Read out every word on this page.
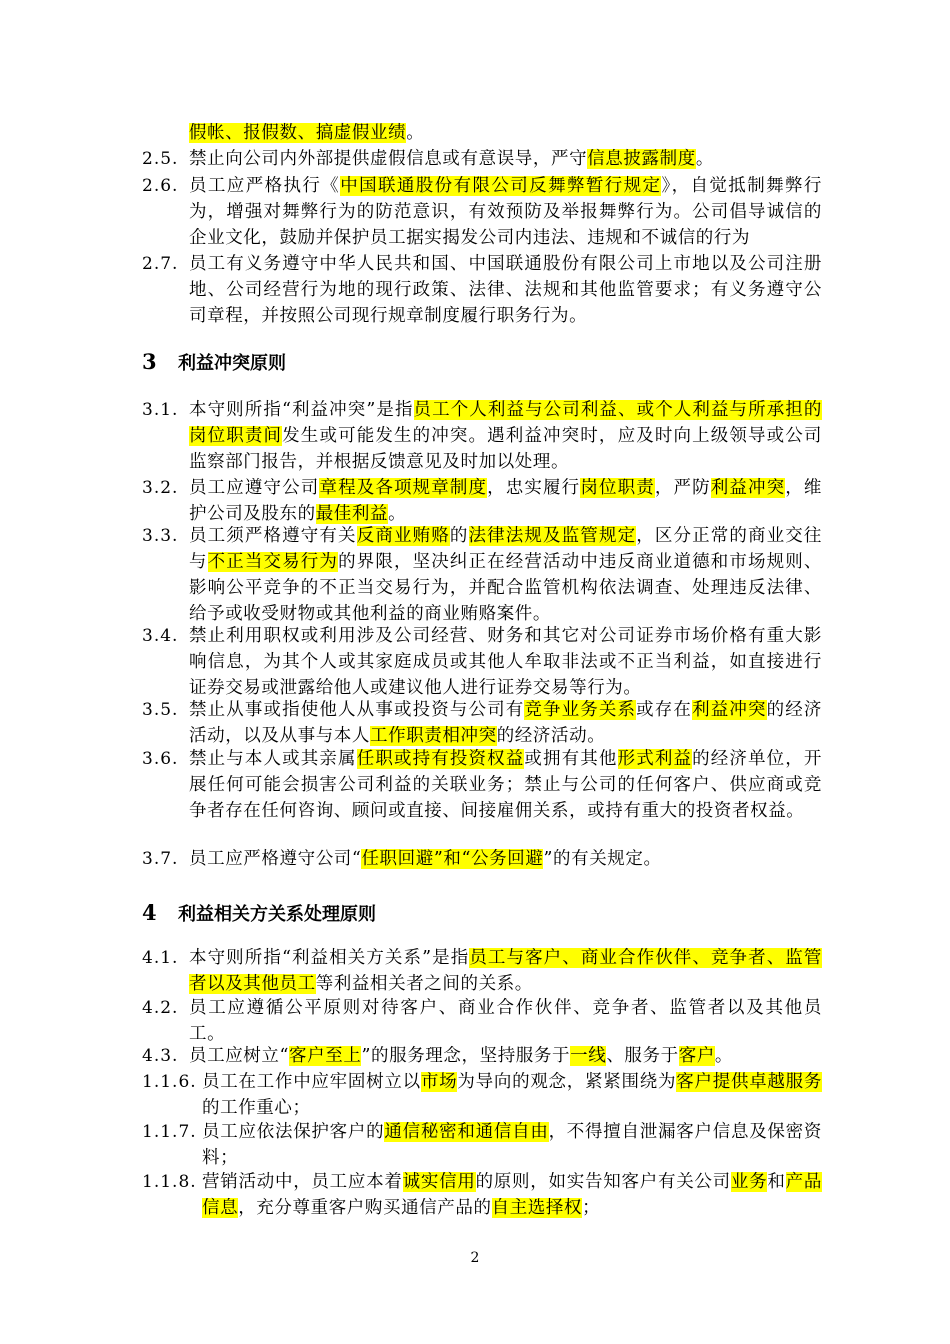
假帐、报假数、搞虚假业绩。
2.5. 禁止向公司内外部提供虚假信息或有意误导，严守信息披露制度。
2.6. 员工应严格执行《中国联通股份有限公司反舞弊暂行规定》，自觉抵制舞弊行为，增强对舞弊行为的防范意识，有效预防及举报舞弊行为。公司倡导诚信的企业文化，鼓励并保护员工据实揭发公司内违法、违规和不诚信的行为
2.7. 员工有义务遵守中华人民共和国、中国联通股份有限公司上市地以及公司注册地、公司经营行为地的现行政策、法律、法规和其他监管要求；有义务遵守公司章程，并按照公司现行规章制度履行职务行为。
3 利益冲突原则
3.1. 本守则所指“利益冲突”是指员工个人利益与公司利益、或个人利益与所承担的岗位职责间发生或可能发生的冲突。遇利益冲突时，应及时向上级领导或公司监察部门报告，并根据反馈意见及时加以处理。
3.2. 员工应遵守公司章程及各项规章制度，忠实履行岗位职责，严防利益冲突，维护公司及股东的最佳利益。
3.3. 员工须严格遵守有关反商业贿赂的法律法规及监管规定，区分正常的商业交往与不正当交易行为的界限，坚决纠正在经营活动中违反商业道德和市场规则、影响公平竞争的不正当交易行为，并配合监管机构依法调查、处理违反法律、给予或收受财物或其他利益的商业贿赂案件。
3.4. 禁止利用职权或利用涉及公司经营、财务和其它对公司证券市场价格有重大影响信息，为其个人或其家庭成员或其他人牟取非法或不正当利益，如直接进行证券交易或泄露给他人或建议他人进行证券交易等行为。
3.5. 禁止从事或指使他人从事或投资与公司有竞争业务关系或存在利益冲突的经济活动，以及从事与本人工作职责相冲突的经济活动。
3.6. 禁止与本人或其亲属任职或持有投资权益或拥有其他形式利益的经济单位，开展任何可能会损害公司利益的关联业务；禁止与公司的任何客户、供应商或竞争者存在任何咨询、顾问或直接、间接雇佣关系，或持有重大的投资者权益。
3.7. 员工应严格遵守公司“任职回避”和“公务回避”的有关规定。
4 利益相关方关系处理原则
4.1. 本守则所指“利益相关方关系”是指员工与客户、商业合作伙伴、竞争者、监管者以及其他员工等利益相关者之间的关系。
4.2. 员工应遵循公平原则对待客户、商业合作伙伴、竞争者、监管者以及其他员工。
4.3. 员工应树立“客户至上”的服务理念，坚持服务于一线、服务于客户。
1.1.6. 员工在工作中应牢固树立以市场为导向的观念，紧紧围绕为客户提供卓越服务的工作重心；
1.1.7. 员工应依法保护客户的通信秘密和通信自由，不得擅自泄漏客户信息及保密资料；
1.1.8. 营销活动中，员工应本着诚实信用的原则，如实告知客户有关公司业务和产品信息，充分尊重客户购买通信产品的自主选择权；
2
